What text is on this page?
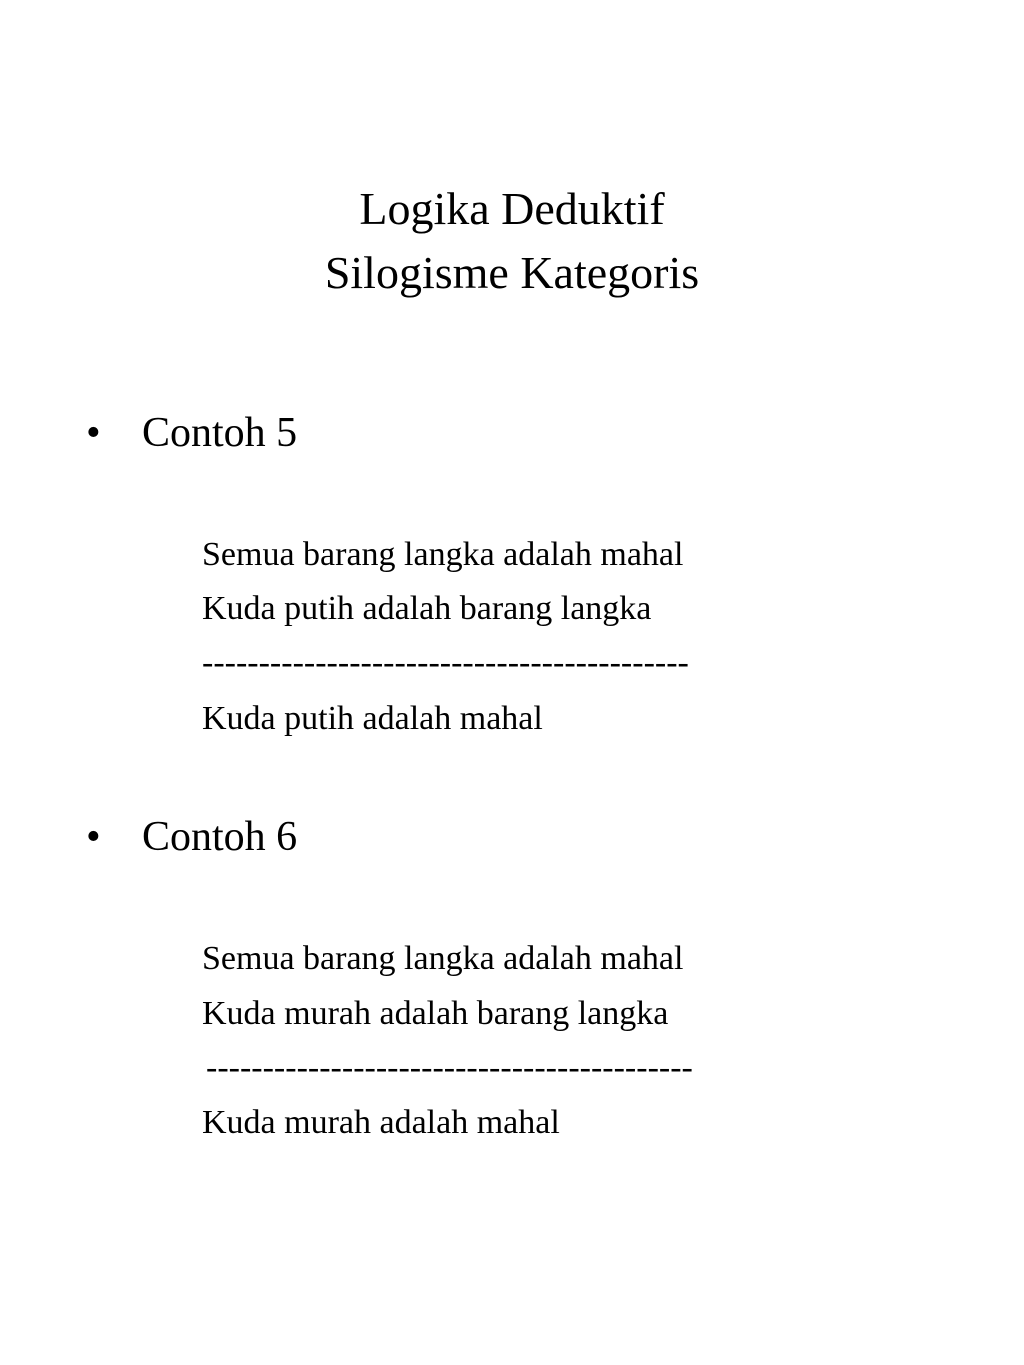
Logika Deduktif
Silogisme Kategoris
• Contoh 5
Semua barang langka adalah mahal
Kuda putih adalah barang langka
-------------------------------------------
Kuda putih adalah mahal
• Contoh 6
Semua barang langka adalah mahal
Kuda murah adalah barang langka
-------------------------------------------
Kuda murah adalah mahal
